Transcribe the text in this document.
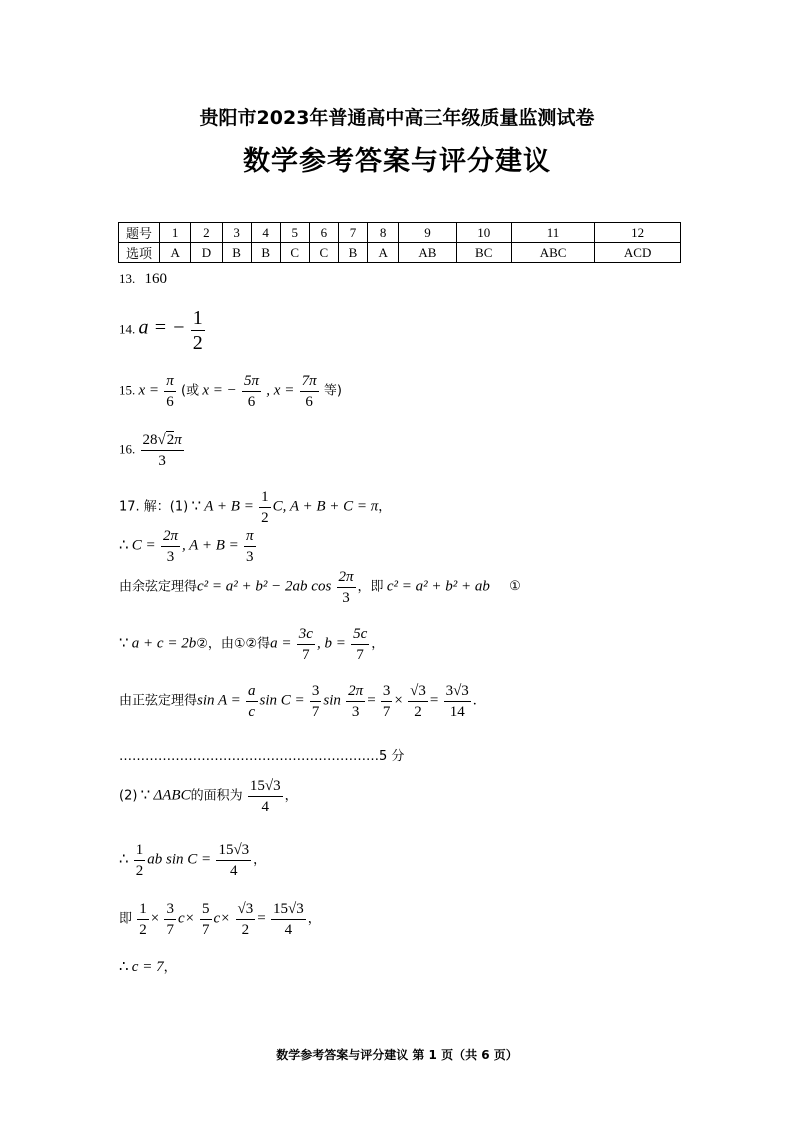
贵阳市2023年普通高中高三年级质量监测试卷
数学参考答案与评分建议
题号	1	2	3	4	5	6	7	8	9	10	11	12
选项	A	D	B	B	C	C	B	A	AB	BC	ABC	ACD
13. 160
14. a = − $\frac{1}{2}$
15. $x = \frac{\pi}{6}$ (或 x = − $\frac{5\pi}{6}$ , $x = \frac{7\pi}{6}$ 等)
16. $\frac{28√2\pi}{3}$
17. 解：(1) ∵ $A + B = \frac{1}{2} C$, A + B + C = π，
∴ $C = \frac{2\pi}{3}$ , $A + B = \frac{\pi}{3}$
由余弦定理得c² = a² + b² − 2ab $\cos \frac{2\pi}{3}$ ，即 c² = a² + b² + ab ①
∵ a + c = 2b②，由①②得$a = \frac{3c}{7}$ , $b = \frac{5c}{7}$ ，
由正弦定理得$\sin A = \frac{a}{c}$ $\sin C = \frac{3}{7}$ $\sin \frac{2\pi}{3} = \frac{3}{7} \times \frac{√3}{2} = \frac{3√3}{14}$ .
……………………………………………………5 分
(2) ∵ ΔABC的面积为 $\frac{15√3}{4}$ ，
∴ $\frac{1}{2}$ ab $\sin C = \frac{15√3}{4}$ ，
即 $\frac{1}{2} \times \frac{3}{7} c\times \frac{5}{7} c\times \frac{√3}{2} = \frac{15√3}{4}$ ，
∴ c = 7，
数学参考答案与评分建议 第 1 页（共 6 页）
